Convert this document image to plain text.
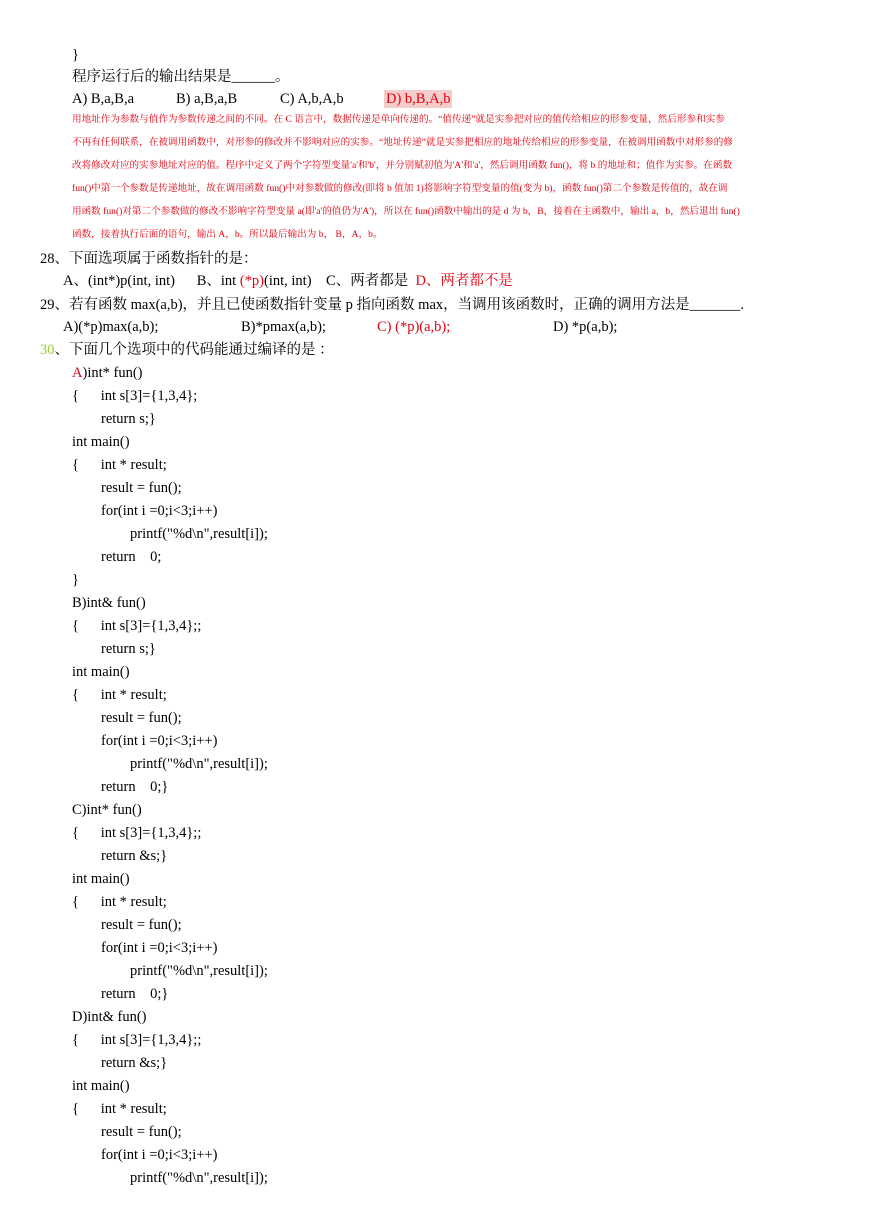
}
程序运行后的输出结果是______。
A) B,a,B,a	B) a,B,a,B	C) A,b,A,b	D) b,B,A,b
用地址作为参数与值作为参数传递之间的不同。在 C 语言中，数据传递是单向传递的。“值传递”就是实参把对应的值传给相应的形参变量，然后形参和实参
不再有任何联系，在被调用函数中，对形参的修改并不影响对应的实参。“地址传递”就是实参把相应的地址传给相应的形参变量，在被调用函数中对形参的修
改将修改对应的实参地址对应的值。程序中定义了两个字符型变量'a'和'b'，并分别赋初值为'A'和'a'，然后调用函数 fun()，将 b 的地址和；值作为实参。在函数
fun()中第一个参数是传递地址，故在调用函数 fun()中对参数做的修改(即将 b 值加 1)将影响字符型变量的值(变为 b)，函数 fun()第二个参数是传值的，故在调
用函数 fun()对第二个参数做的修改不影响字符型变量 a(即'a'的值仍为'A')，所以在 fun()函数中输出的是 d 为 b，B，接着在主函数中，输出 a，b，然后退出 fun()
函数，接着执行后面的语句，输出 A，b。所以最后输出为 b， B，A，b。
28、下面选项属于函数指针的是：
A、(int*)p(int, int) B、int (*p)(int, int) C、两者都是 D、两者都不是
29、若有函数 max(a,b)，并且已使函数指针变量 p 指向函数 max，当调用该函数时，正确的调用方法是_______.
A)(*p)max(a,b);	B)*pmax(a,b);	C) (*p)(a,b);	D) *p(a,b);
30、下面几个选项中的代码能通过编译的是 ：
A)int* fun()
{      int s[3]={1,3,4};
return s;}
int main()
{      int * result;
result = fun();
for(int i =0;i<3;i++)
printf("%d\n",result[i]);
return    0;
}
B)int& fun()
{      int s[3]={1,3,4};;
return s;}
int main()
{      int * result;
result = fun();
for(int i =0;i<3;i++)
printf("%d\n",result[i]);
return    0;}
C)int* fun()
{      int s[3]={1,3,4};;
return &s;}
int main()
{      int * result;
result = fun();
for(int i =0;i<3;i++)
printf("%d\n",result[i]);
return    0;}
D)int& fun()
{      int s[3]={1,3,4};;
return &s;}
int main()
{      int * result;
result = fun();
for(int i =0;i<3;i++)
printf("%d\n",result[i]);
